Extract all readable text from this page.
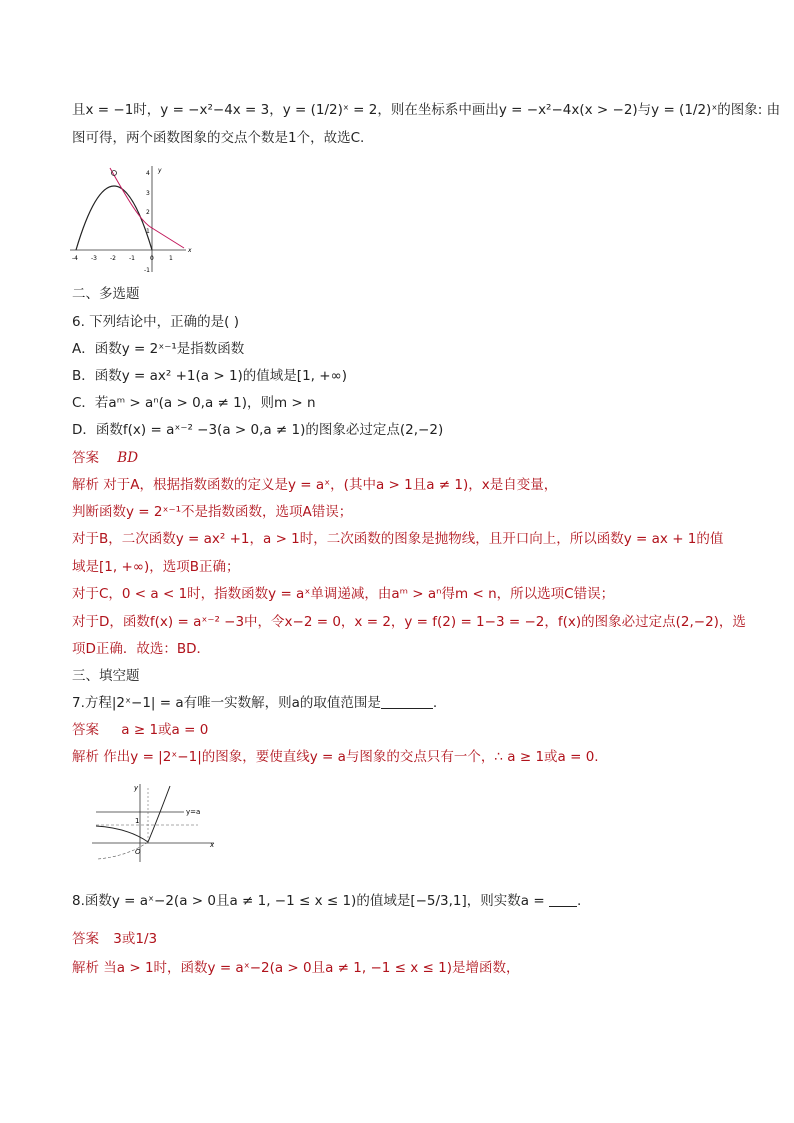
且x = −1时，y = −x²−4x = 3，y = (1/2)ˣ = 2，则在坐标系中画出y = −x²−4x(x > −2)与y = (1/2)ˣ的图象: 由
图可得，两个函数图象的交点个数是1个，故选C.
-4 -3 -2 -1	0	1
4
3
2
1
-1
x
y
二、多选题
6. 下列结论中，正确的是( )
A．函数y = 2ˣ⁻¹是指数函数
B．函数y = ax² +1(a > 1)的值域是[1, +∞)
C．若aᵐ > aⁿ(a > 0,a ≠ 1)，则m > n
D．函数f(x) = aˣ⁻² −3(a > 0,a ≠ 1)的图象必过定点(2,−2)
答案 BD
解析 对于A，根据指数函数的定义是y = aˣ，(其中a > 1且a ≠ 1)，x是自变量，
判断函数y = 2ˣ⁻¹不是指数函数，选项A错误；
对于B，二次函数y = ax² +1，a > 1时，二次函数的图象是抛物线，且开口向上，所以函数y = ax + 1的值
域是[1, +∞)，选项B正确；
对于C，0 < a < 1时，指数函数y = aˣ单调递减，由aᵐ > aⁿ得m < n，所以选项C错误；
对于D，函数f(x) = aˣ⁻² −3中，令x−2 = 0，x = 2，y = f(2) = 1−3 = −2，f(x)的图象必过定点(2,−2)，选
项D正确．故选：BD．
三、填空题
7.方程|2ˣ−1| = a有唯一实数解，则a的取值范围是	.
答案 a ≥ 1或a = 0
解析 作出y = |2ˣ−1|的图象，要使直线y = a与图象的交点只有一个，∴ a ≥ 1或a = 0.
y
x
y=a
1
O
8.函数y = aˣ−2(a > 0且a ≠ 1, −1 ≤ x ≤ 1)的值域是[−5/3,1]，则实数a = .
答案 3或1/3
解析 当a > 1时，函数y = aˣ−2(a > 0且a ≠ 1, −1 ≤ x ≤ 1)是增函数，
